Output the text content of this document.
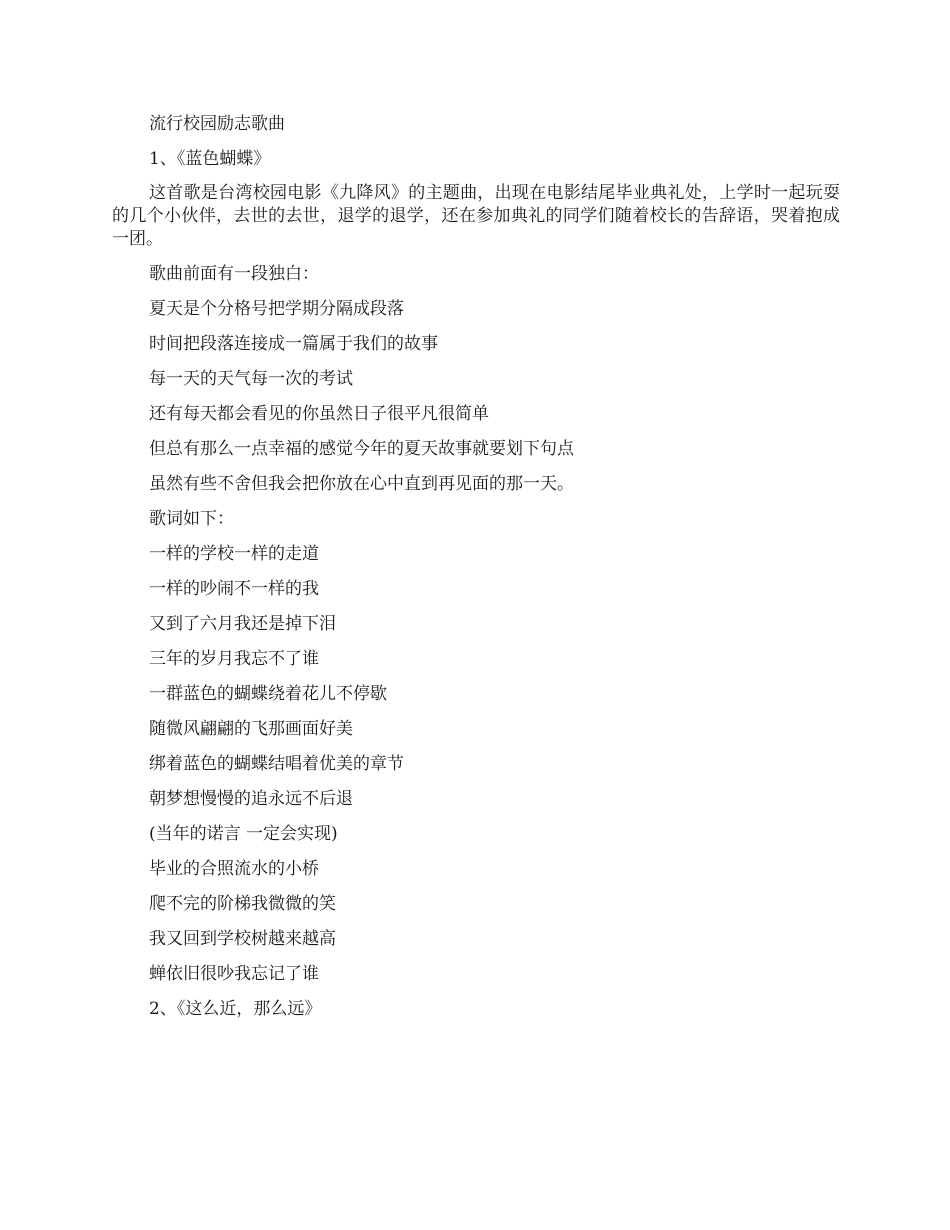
流行校园励志歌曲

1、《蓝色蝴蝶》

这首歌是台湾校园电影《九降风》的主题曲，出现在电影结尾毕业典礼处，上学时一起玩耍的几个小伙伴，去世的去世，退学的退学，还在参加典礼的同学们随着校长的告辞语，哭着抱成一团。

歌曲前面有一段独白：

夏天是个分格号把学期分隔成段落

时间把段落连接成一篇属于我们的故事

每一天的天气每一次的考试

还有每天都会看见的你虽然日子很平凡很简单

但总有那么一点幸福的感觉今年的夏天故事就要划下句点

虽然有些不舍但我会把你放在心中直到再见面的那一天。

歌词如下：

一样的学校一样的走道

一样的吵闹不一样的我

又到了六月我还是掉下泪

三年的岁月我忘不了谁

一群蓝色的蝴蝶绕着花儿不停歇

随微风翩翩的飞那画面好美

绑着蓝色的蝴蝶结唱着优美的章节

朝梦想慢慢的追永远不后退

(当年的诺言 一定会实现)

毕业的合照流水的小桥

爬不完的阶梯我微微的笑

我又回到学校树越来越高

蝉依旧很吵我忘记了谁

2、《这么近，那么远》
